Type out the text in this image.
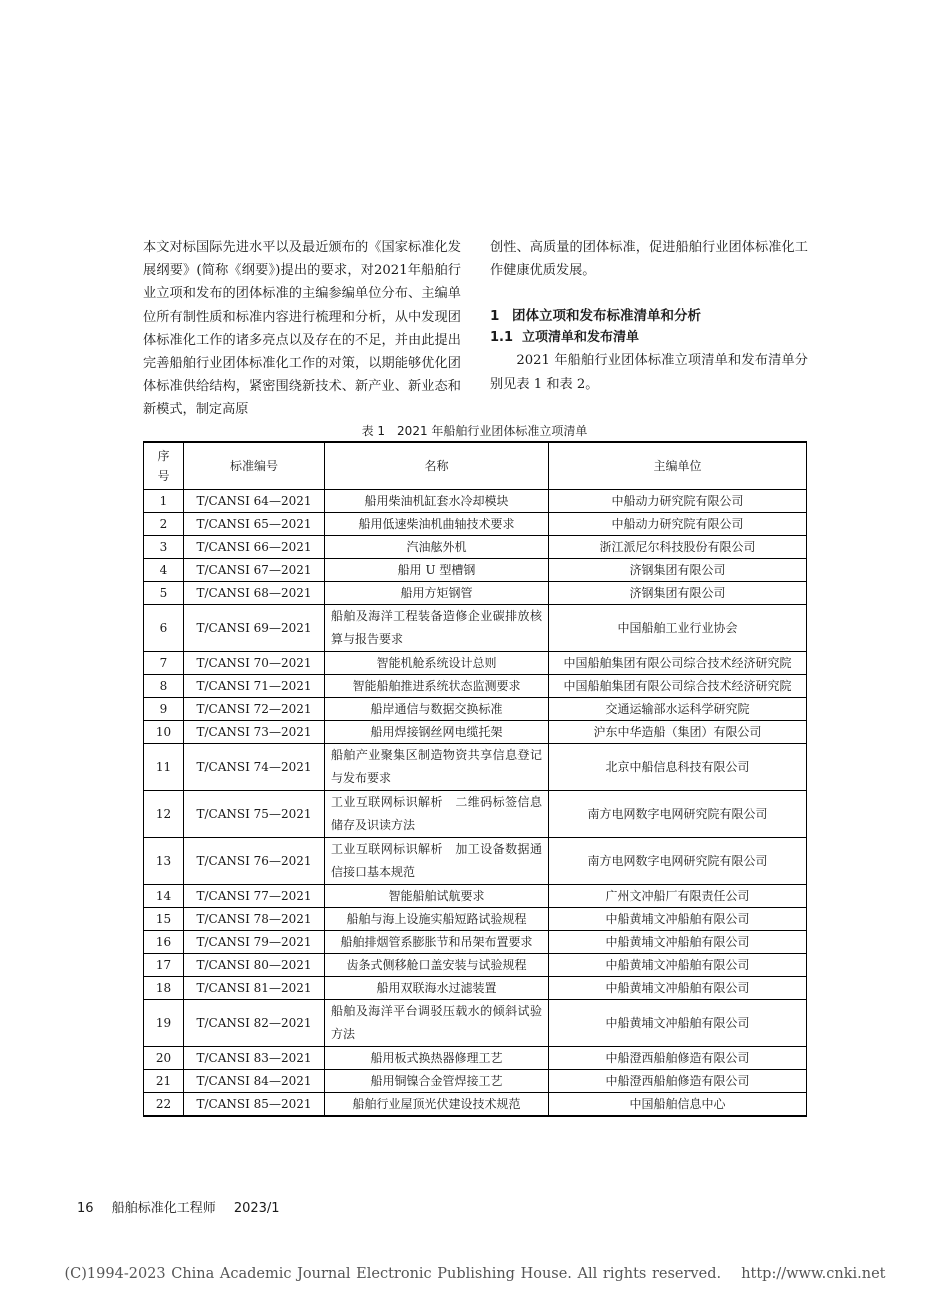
本文对标国际先进水平以及最近颁布的《国家标准化发展纲要》(简称《纲要》)提出的要求，对2021年船舶行业立项和发布的团体标准的主编参编单位分布、主编单位所有制性质和标准内容进行梳理和分析，从中发现团体标准化工作的诸多亮点以及存在的不足，并由此提出完善船舶行业团体标准化工作的对策，以期能够优化团体标准供给结构，紧密围绕新技术、新产业、新业态和新模式，制定高原

创性、高质量的团体标准，促进船舶行业团体标准化工作健康优质发展。

1 团体立项和发布标准清单和分析

1.1 立项清单和发布清单

2021 年船舶行业团体标准立项清单和发布清单分别见表 1 和表 2。

表 1　2021 年船舶行业团体标准立项清单
序号	标准编号	名称	主编单位
1	T/CANSI 64—2021	船用柴油机缸套水冷却模块	中船动力研究院有限公司
2	T/CANSI 65—2021	船用低速柴油机曲轴技术要求	中船动力研究院有限公司
3	T/CANSI 66—2021	汽油舷外机	浙江派尼尔科技股份有限公司
4	T/CANSI 67—2021	船用 U 型槽钢	济钢集团有限公司
5	T/CANSI 68—2021	船用方矩钢管	济钢集团有限公司
6	T/CANSI 69—2021	船舶及海洋工程装备造修企业碳排放核算与报告要求	中国船舶工业行业协会
7	T/CANSI 70—2021	智能机舱系统设计总则	中国船舶集团有限公司综合技术经济研究院
8	T/CANSI 71—2021	智能船舶推进系统状态监测要求	中国船舶集团有限公司综合技术经济研究院
9	T/CANSI 72—2021	船岸通信与数据交换标准	交通运输部水运科学研究院
10	T/CANSI 73—2021	船用焊接钢丝网电缆托架	沪东中华造船（集团）有限公司
11	T/CANSI 74—2021	船舶产业聚集区制造物资共享信息登记与发布要求	北京中船信息科技有限公司
12	T/CANSI 75—2021	工业互联网标识解析　二维码标签信息储存及识读方法	南方电网数字电网研究院有限公司
13	T/CANSI 76—2021	工业互联网标识解析　加工设备数据通信接口基本规范	南方电网数字电网研究院有限公司
14	T/CANSI 77—2021	智能船舶试航要求	广州文冲船厂有限责任公司
15	T/CANSI 78—2021	船舶与海上设施实船短路试验规程	中船黄埔文冲船舶有限公司
16	T/CANSI 79—2021	船舶排烟管系膨胀节和吊架布置要求	中船黄埔文冲船舶有限公司
17	T/CANSI 80—2021	齿条式侧移舱口盖安装与试验规程	中船黄埔文冲船舶有限公司
18	T/CANSI 81—2021	船用双联海水过滤装置	中船黄埔文冲船舶有限公司
19	T/CANSI 82—2021	船舶及海洋平台调驳压载水的倾斜试验方法	中船黄埔文冲船舶有限公司
20	T/CANSI 83—2021	船用板式换热器修理工艺	中船澄西船舶修造有限公司
21	T/CANSI 84—2021	船用铜镍合金管焊接工艺	中船澄西船舶修造有限公司
22	T/CANSI 85—2021	船舶行业屋顶光伏建设技术规范	中国船舶信息中心
16 船舶标准化工程师 2023/1
(C)1994-2023 China Academic Journal Electronic Publishing House. All rights reserved.　 http://www.cnki.net
